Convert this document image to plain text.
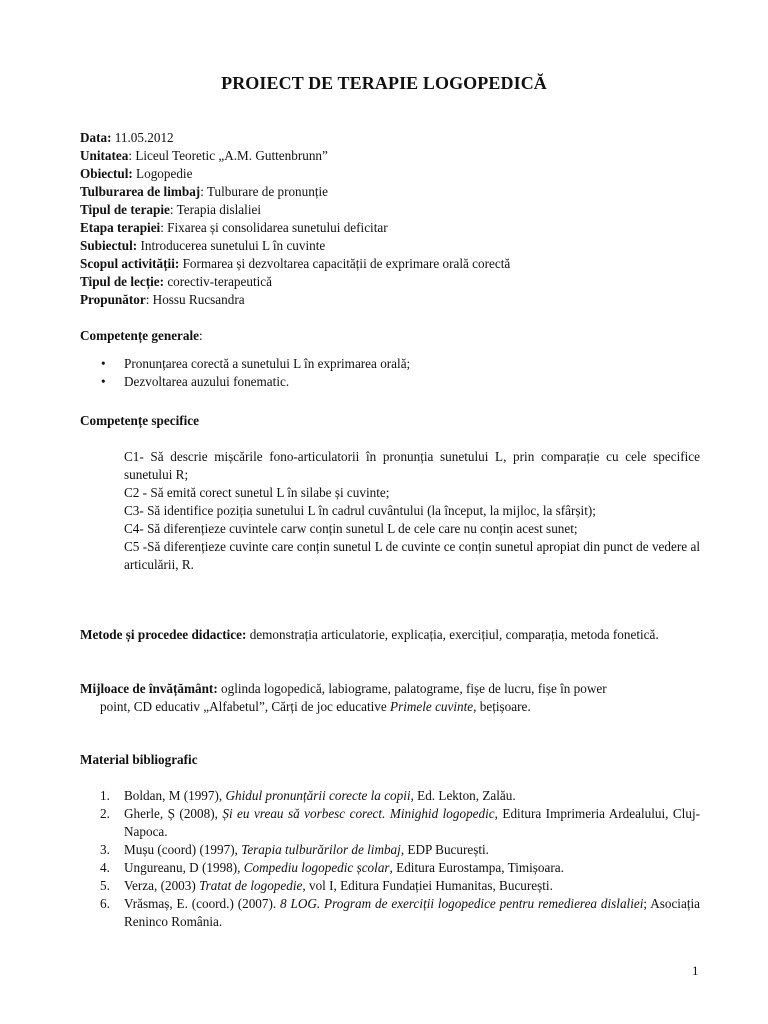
PROIECT DE TERAPIE LOGOPEDICĂ
Data: 11.05.2012
Unitatea: Liceul Teoretic „A.M. Guttenbrunn”
Obiectul: Logopedie
Tulburarea de limbaj: Tulburare de pronunție
Tipul de terapie: Terapia dislaliei
Etapa terapiei: Fixarea și consolidarea sunetului deficitar
Subiectul: Introducerea sunetului L în cuvinte
Scopul activității: Formarea și dezvoltarea capacității de exprimare orală corectă
Tipul de lecție: corectiv-terapeutică
Propunător: Hossu Rucsandra
Competențe generale:
• Pronunțarea corectă a sunetului L în exprimarea orală;
• Dezvoltarea auzului fonematic.
Competențe specifice

C1- Să descrie mișcările fono-articulatorii în pronunția sunetului L, prin comparație cu cele specifice sunetului R;

C2 - Să emită corect sunetul L în silabe și cuvinte;

C3- Să identifice poziția sunetului L în cadrul cuvântului (la început, la mijloc, la sfârșit);

C4- Să diferențieze cuvintele carw conțin sunetul L de cele care nu conțin acest sunet;

C5 -Să diferențieze cuvinte care conțin sunetul L de cuvinte ce conțin sunetul apropiat din punct de vedere al articulării, R.

Metode și procedee didactice: demonstrația articulatorie, explicația, exercițiul, comparația, metoda fonetică.
Mijloace de învățământ: oglinda logopedică, labiograme, palatograme, fișe de lucru, fișe în power
point, CD educativ „Alfabetul”, Cărți de joc educative Primele cuvinte, bețișoare.
Material bibliografic
1. Boldan, M (1997), Ghidul pronunțării corecte la copii, Ed. Lekton, Zalău.
2. Gherle, Ș (2008), Și eu vreau să vorbesc corect. Minighid logopedic, Editura Imprimeria Ardealului, Cluj-Napoca.
3. Mușu (coord) (1997), Terapia tulburărilor de limbaj, EDP București.
4. Ungureanu, D (1998), Compediu logopedic școlar, Editura Eurostampa, Timișoara.
5. Verza, (2003) Tratat de logopedie, vol I, Editura Fundației Humanitas, București.
6. Vrăsmaș, E. (coord.) (2007). 8 LOG. Program de exerciții logopedice pentru remedierea dislaliei; Asociația Reninco România.
1
